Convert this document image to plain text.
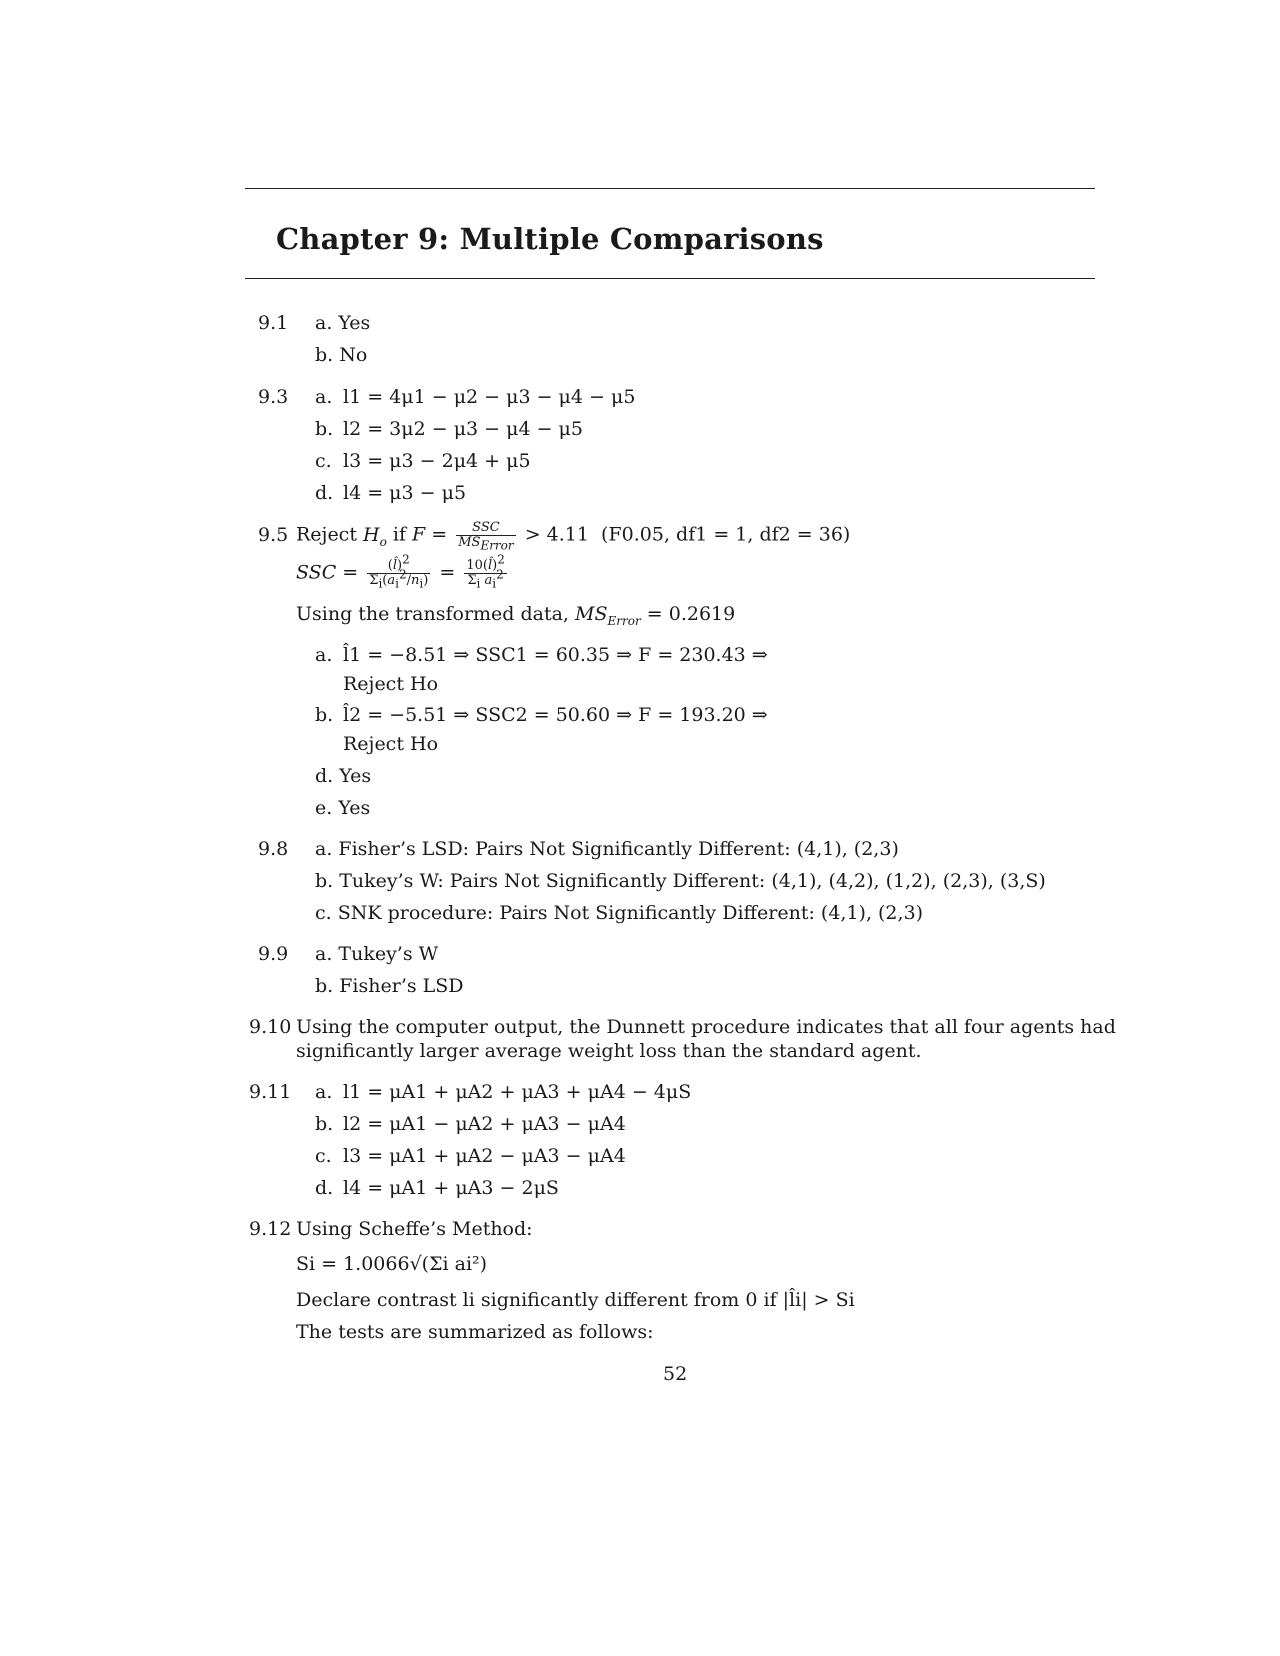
Chapter 9: Multiple Comparisons
9.1 a. Yes
b. No
9.3 a. l1 = 4μ1 − μ2 − μ3 − μ4 − μ5
b. l2 = 3μ2 − μ3 − μ4 − μ5
c. l3 = μ3 − 2μ4 + μ5
d. l4 = μ3 − μ5
9.5 Reject $H_o$ if $F = \frac{\text{SSC}}{MS_{Error}} > 4.11$ (F0.05, df1 = 1, df2 = 36)
SSC = $\frac{(l̂)^2}{\Sigma_i(a_i^2/n_i)} = \frac{10(l̂)^2}{\Sigma_i a_i^2}$
Using the transformed data, $MS_{Error} = 0.2619$
a. l̂1 = −8.51 ⇒ SSC1 = 60.35 ⇒ F = 230.43 ⇒
Reject Ho
b. l̂2 = −5.51 ⇒ SSC2 = 50.60 ⇒ F = 193.20 ⇒
Reject Ho
d. Yes
e. Yes
9.8 a. Fisher’s LSD: Pairs Not Significantly Different: (4,1), (2,3)
b. Tukey’s W: Pairs Not Significantly Different: (4,1), (4,2), (1,2), (2,3), (3,S)
c. SNK procedure: Pairs Not Significantly Different: (4,1), (2,3)
9.9 a. Tukey’s W
b. Fisher’s LSD
9.10 Using the computer output, the Dunnett procedure indicates that all four agents had
significantly larger average weight loss than the standard agent.
9.11 a. l1 = μA1 + μA2 + μA3 + μA4 − 4μS
b. l2 = μA1 − μA2 + μA3 − μA4
c. l3 = μA1 + μA2 − μA3 − μA4
d. l4 = μA1 + μA3 − 2μS
9.12 Using Scheffe’s Method:
Si = 1.0066√(Σi ai²)
Declare contrast li significantly different from 0 if |l̂i| > Si
The tests are summarized as follows:
52
